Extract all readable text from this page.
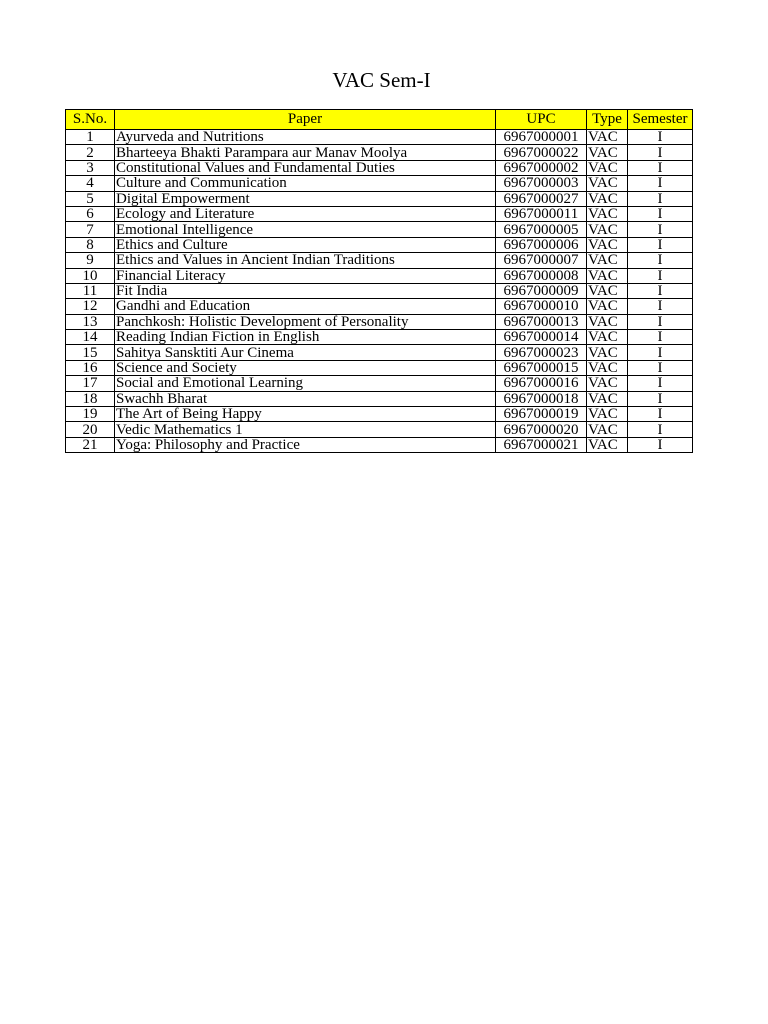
VAC Sem-I
S.No.	Paper	UPC	Type	Semester
1	Ayurveda and Nutritions	6967000001	VAC	I
2	Bharteeya Bhakti Parampara aur Manav Moolya	6967000022	VAC	I
3	Constitutional Values and Fundamental Duties	6967000002	VAC	I
4	Culture and Communication	6967000003	VAC	I
5	Digital Empowerment	6967000027	VAC	I
6	Ecology and Literature	6967000011	VAC	I
7	Emotional Intelligence	6967000005	VAC	I
8	Ethics and Culture	6967000006	VAC	I
9	Ethics and Values in Ancient Indian Traditions	6967000007	VAC	I
10	Financial Literacy	6967000008	VAC	I
11	Fit India	6967000009	VAC	I
12	Gandhi and Education	6967000010	VAC	I
13	Panchkosh: Holistic Development of Personality	6967000013	VAC	I
14	Reading Indian Fiction in English	6967000014	VAC	I
15	Sahitya Sansktiti Aur Cinema	6967000023	VAC	I
16	Science and Society	6967000015	VAC	I
17	Social and Emotional Learning	6967000016	VAC	I
18	Swachh Bharat	6967000018	VAC	I
19	The Art of Being Happy	6967000019	VAC	I
20	Vedic Mathematics 1	6967000020	VAC	I
21	Yoga: Philosophy and Practice	6967000021	VAC	I
